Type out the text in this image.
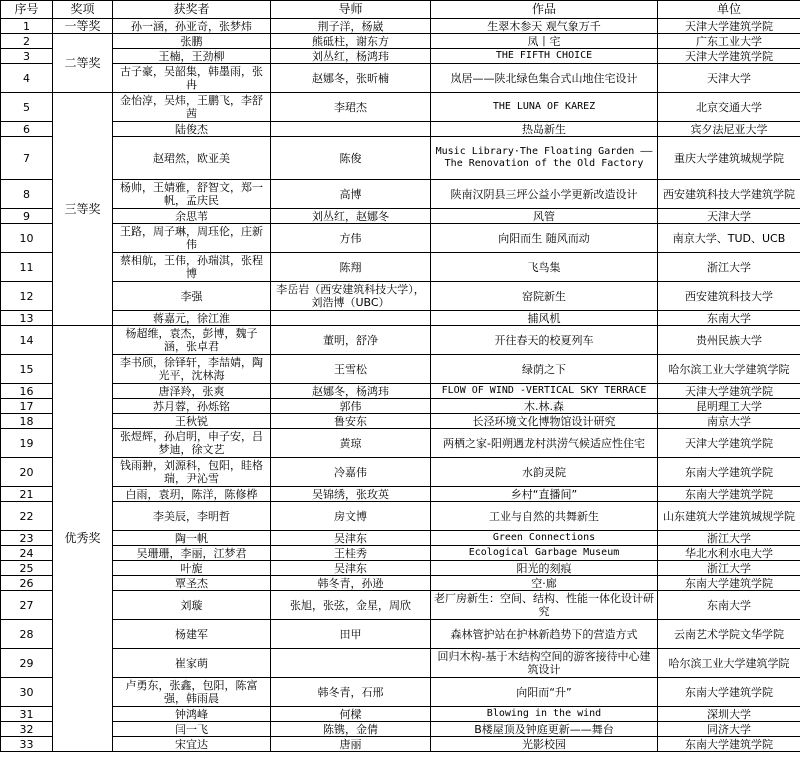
序号	奖项	获奖者	导师	作品	单位
1	一等奖	孙一涵，孙亚奇，张梦炜	荆子洋，杨崴	生翠木参天 观气象万千	天津大学建筑学院
2	二等奖	张鹏	熊砥柱，谢东方	凤丨宅	广东工业大学
3		王楠，王劲柳	刘丛红，杨鸿玮	THE FIFTH CHOICE	天津大学建筑学院
4		古子豪，吴韶集，韩墨雨，张冉	赵娜冬，张昕楠	岚居——陕北绿色集合式山地住宅设计	天津大学
5	三等奖	金怡淳，吴炜，王鹏飞，李舒茜	李珺杰	THE LUNA OF KAREZ	北京交通大学
6		陆俊杰		热岛新生	宾夕法尼亚大学
7		赵珺然，欧亚美	陈俊	Music Library·The Floating Garden ——The Renovation of the Old Factory	重庆大学建筑城规学院
8		杨帅，王婧雅，舒智文，郑一帆，孟庆民	高博	陕南汉阴县三坪公益小学更新改造设计	西安建筑科技大学建筑学院
9		余思苇	刘丛红，赵娜冬	风管	天津大学
10		王路，周子琳，周珏伦，庄新伟	方伟	向阳而生 随风而动	南京大学、TUD、UCB
11		蔡相航，王伟，孙瑞淇，张程博	陈翔	飞鸟集	浙江大学
12		李强	李岳岩（西安建筑科技大学），刘浩博（UBC）	窑院新生	西安建筑科技大学
13		蒋嘉元，徐江淮		捕风机	东南大学
14	优秀奖	杨超维，袁杰，彭博，魏子涵，张卓君	董明，舒净	开往春天的校夏列车	贵州民族大学
15		李书颀，徐铎轩，李喆婧，陶光平，沈林海	王雪松	绿荫之下	哈尔滨工业大学建筑学院
16		唐泽羚，张爽	赵娜冬，杨鸿玮	FLOW OF WIND -VERTICAL SKY TERRACE	天津大学建筑学院
17		苏月蓉，孙烁铭	郭伟	木.林.森	昆明理工大学
18		王秋锐	鲁安东	长泾环境文化博物馆设计研究	南京大学
19		张煜辉，孙启明，申子安，吕梦迪，徐文艺	黄琼	两栖之家-阳朔遇龙村洪涝气候适应性住宅	天津大学建筑学院
20		钱雨翀，刘源科，包阳，眭格瑞，尹沁雪	冷嘉伟	水韵灵院	东南大学建筑学院
21		白雨，袁玥，陈洋，陈修桦	吴锦绣，张玫英	乡村“直播间”	东南大学建筑学院
22		李美辰，李明哲	房文博	工业与自然的共舞新生	山东建筑大学建筑城规学院
23		陶一帆	吴津东	Green Connections	浙江大学
24		吴珊珊，李丽，江梦君	王桂秀	Ecological Garbage Museum	华北水利水电大学
25		叶旎	吴津东	阳光的刻痕	浙江大学
26		覃圣杰	韩冬青，孙逊	空·廊	东南大学建筑学院
27		刘璇	张旭，张弦，金星，周欣	老厂房新生：空间、结构、性能一体化设计研究	东南大学
28		杨建军	田甲	森林管护站在护林新趋势下的营造方式	云南艺术学院文华学院
29		崔家萌		回归木构-基于木结构空间的游客接待中心建筑设计	哈尔滨工业大学建筑学院
30		卢勇东，张鑫，包阳，陈富强，韩雨晨	韩冬青，石邢	向阳而“升”	东南大学建筑学院
31		钟鸿峰	何樑	Blowing in the wind	深圳大学
32		闫一飞	陈镌，金倩	B楼屋顶及钟庭更新——舞台	同济大学
33		宋宜达	唐丽	光影校园	东南大学建筑学院
